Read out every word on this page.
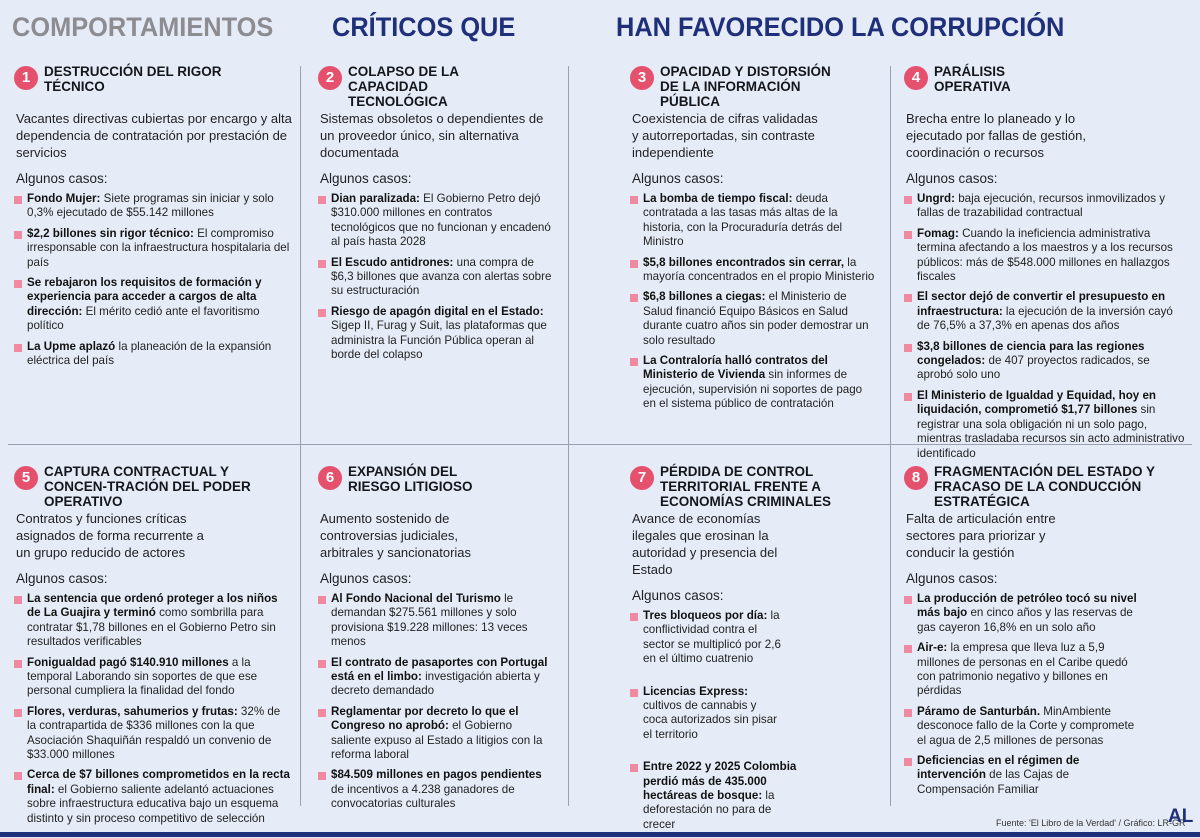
COMPORTAMIENTOS CRÍTICOS QUE	HAN FAVORECIDO LA CORRUPCIÓN
1	DESTRUCCIÓN DEL RIGOR TÉCNICO
Vacantes directivas cubiertas por encargo y alta dependencia de contratación por prestación de servicios
Algunos casos:
Fondo Mujer: Siete programas sin iniciar y solo 0,3% ejecutado de $55.142 millones
$2,2 billones sin rigor técnico: El compromiso irresponsable con la infraestructura hospitalaria del país
Se rebajaron los requisitos de formación y experiencia para acceder a cargos de alta dirección: El mérito cedió ante el favoritismo político
La Upme aplazó la planeación de la expansión eléctrica del país
2	COLAPSO DE LA CAPACIDAD TECNOLÓGICA
Sistemas obsoletos o dependientes de un proveedor único, sin alternativa documentada
Algunos casos:
Dian paralizada: El Gobierno Petro dejó $310.000 millones en contratos tecnológicos que no funcionan y encadenó al país hasta 2028
El Escudo antidrones: una compra de $6,3 billones que avanza con alertas sobre su estructuración
Riesgo de apagón digital en el Estado: Sigep II, Furag y Suit, las plataformas que administra la Función Pública operan al borde del colapso
3	OPACIDAD Y DISTORSIÓN DE LA INFORMACIÓN PÚBLICA
Coexistencia de cifras validadas y autorreportadas, sin contraste independiente
Algunos casos:
La bomba de tiempo fiscal: deuda contratada a las tasas más altas de la historia, con la Procuraduría detrás del Ministro
$5,8 billones encontrados sin cerrar, la mayoría concentrados en el propio Ministerio
$6,8 billones a ciegas: el Ministerio de Salud financió Equipo Básicos en Salud durante cuatro años sin poder demostrar un solo resultado
La Contraloría halló contratos del Ministerio de Vivienda sin informes de ejecución, supervisión ni soportes de pago en el sistema público de contratación
4	PARÁLISIS OPERATIVA
Brecha entre lo planeado y lo ejecutado por fallas de gestión, coordinación o recursos
Algunos casos:
Ungrd: baja ejecución, recursos inmovilizados y fallas de trazabilidad contractual
Fomag: Cuando la ineficiencia administrativa termina afectando a los maestros y a los recursos públicos: más de $548.000 millones en hallazgos fiscales
El sector dejó de convertir el presupuesto en infraestructura: la ejecución de la inversión cayó de 76,5% a 37,3% en apenas dos años
$3,8 billones de ciencia para las regiones congelados: de 407 proyectos radicados, se aprobó solo uno
El Ministerio de Igualdad y Equidad, hoy en liquidación, comprometió $1,77 billones sin registrar una sola obligación ni un solo pago, mientras trasladaba recursos sin acto administrativo identificado
5	CAPTURA CONTRACTUAL Y CONCEN-TRACIÓN DEL PODER OPERATIVO
Contratos y funciones críticas asignados de forma recurrente a un grupo reducido de actores
Algunos casos:
La sentencia que ordenó proteger a los niños de La Guajira y terminó como sombrilla para contratar $1,78 billones en el Gobierno Petro sin resultados verificables
Fonigualdad pagó $140.910 millones a la temporal Laborando sin soportes de que ese personal cumpliera la finalidad del fondo
Flores, verduras, sahumerios y frutas: 32% de la contrapartida de $336 millones con la que Asociación Shaquiñán respaldó un convenio de $33.000 millones
Cerca de $7 billones comprometidos en la recta final: el Gobierno saliente adelantó actuaciones sobre infraestructura educativa bajo un esquema distinto y sin proceso competitivo de selección
6	EXPANSIÓN DEL RIESGO LITIGIOSO
Aumento sostenido de controversias judiciales, arbitrales y sancionatorias
Algunos casos:
Al Fondo Nacional del Turismo le demandan $275.561 millones y solo provisiona $19.228 millones: 13 veces menos
El contrato de pasaportes con Portugal está en el limbo: investigación abierta y decreto demandado
Reglamentar por decreto lo que el Congreso no aprobó: el Gobierno saliente expuso al Estado a litigios con la reforma laboral
$84.509 millones en pagos pendientes de incentivos a 4.238 ganadores de convocatorias culturales
7	PÉRDIDA DE CONTROL TERRITORIAL FRENTE A ECONOMÍAS CRIMINALES
Avance de economías ilegales que erosinan la autoridad y presencia del Estado
Algunos casos:
Tres bloqueos por día: la conflictividad contra el sector se multiplicó por 2,6 en el último cuatrenio
Licencias Express: cultivos de cannabis y coca autorizados sin pisar el territorio
Entre 2022 y 2025 Colombia perdió más de 435.000 hectáreas de bosque: la deforestación no para de crecer
8	FRAGMENTACIÓN DEL ESTADO Y FRACASO DE LA CONDUCCIÓN ESTRATÉGICA
Falta de articulación entre sectores para priorizar y conducir la gestión
Algunos casos:
La producción de petróleo tocó su nivel más bajo en cinco años y las reservas de gas cayeron 16,8% en un solo año
Air-e: la empresa que lleva luz a 5,9 millones de personas en el Caribe quedó con patrimonio negativo y billones en pérdidas
Páramo de Santurbán. MinAmbiente desconoce fallo de la Corte y compromete el agua de 2,5 millones de personas
Deficiencias en el régimen de intervención de las Cajas de Compensación Familiar
Fuente: 'El Libro de la Verdad' / Gráfico: LR-GR
AL
